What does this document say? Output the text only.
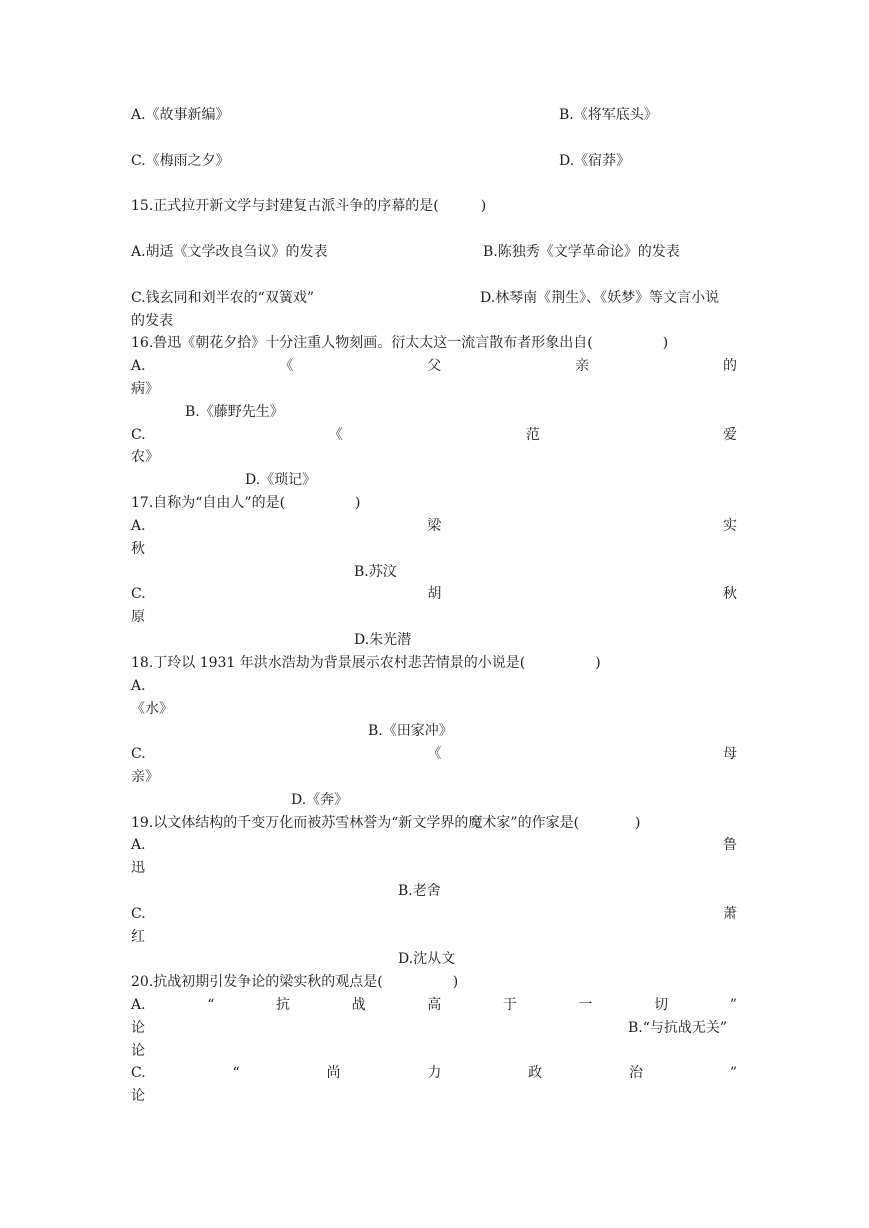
A.《故事新编》	B.《将军底头》
C.《梅雨之夕》	D.《宿莽》
15.正式拉开新文学与封建复古派斗争的序幕的是(　　　)
A.胡适《文学改良刍议》的发表	B.陈独秀《文学革命论》的发表
C.钱玄同和刘半农的“双簧戏”	D.林琴南《荆生》、《妖梦》等文言小说
的发表
16.鲁迅《朝花夕拾》十分注重人物刻画。衍太太这一流言散布者形象出自(　　　　　)
A.	《	父	亲	的
病》
B.《藤野先生》
C.	《	范	爱
农》
D.《琐记》
17.自称为“自由人”的是(　　　　　)
A.	梁	实
秋
B.苏汶
C.	胡	秋
原
D.朱光潜
18.丁玲以 1931 年洪水浩劫为背景展示农村悲苦情景的小说是(　　　　　)
A.
《水》
B.《田家冲》
C.	《	母
亲》
D.《奔》
19.以文体结构的千变万化而被苏雪林誉为“新文学界的魔术家”的作家是(　　　　)
A.	鲁
迅
B.老舍
C.	萧
红
D.沈从文
20.抗战初期引发争论的梁实秋的观点是(　　　　　)
A.	“	抗	战	高	于	一	切	”
论	B.“与抗战无关”
论
C.	“	尚	力	政	治	”
论
